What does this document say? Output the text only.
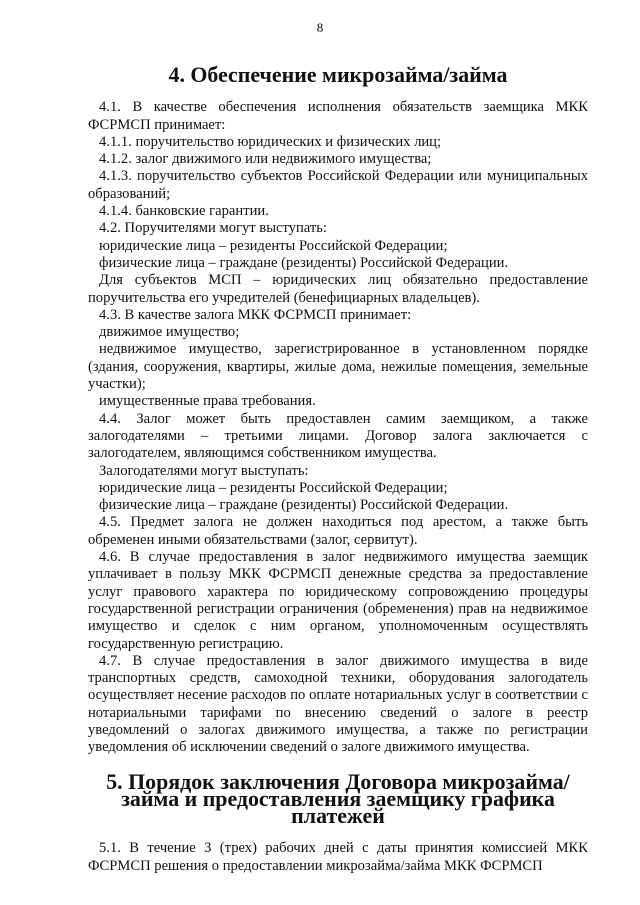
8
4. Обеспечение микрозайма/займа

4.1. В качестве обеспечения исполнения обязательств заемщика МКК ФСРМСП принимает:

4.1.1. поручительство юридических и физических лиц;

4.1.2. залог движимого или недвижимого имущества;

4.1.3. поручительство субъектов Российской Федерации или муниципальных образований;

4.1.4. банковские гарантии.

4.2. Поручителями могут выступать:

юридические лица – резиденты Российской Федерации;

физические лица – граждане (резиденты) Российской Федерации.

Для субъектов МСП – юридических лиц обязательно предоставление поручительства его учредителей (бенефициарных владельцев).

4.3. В качестве залога МКК ФСРМСП принимает:

движимое имущество;

недвижимое имущество, зарегистрированное в установленном порядке (здания, сооружения, квартиры, жилые дома, нежилые помещения, земельные участки);

имущественные права требования.

4.4. Залог может быть предоставлен самим заемщиком, а также залогодателями – третьими лицами. Договор залога заключается с залогодателем, являющимся собственником имущества.

Залогодателями могут выступать:

юридические лица – резиденты Российской Федерации;

физические лица – граждане (резиденты) Российской Федерации.

4.5. Предмет залога не должен находиться под арестом, а также быть обременен иными обязательствами (залог, сервитут).

4.6. В случае предоставления в залог недвижимого имущества заемщик уплачивает в пользу МКК ФСРМСП денежные средства за предоставление услуг правового характера по юридическому сопровождению процедуры государственной регистрации ограничения (обременения) прав на недвижимое имущество и сделок с ним органом, уполномоченным осуществлять государственную регистрацию.

4.7. В случае предоставления в залог движимого имущества в виде транспортных средств, самоходной техники, оборудования залогодатель осуществляет несение расходов по оплате нотариальных услуг в соответствии с нотариальными тарифами по внесению сведений о залоге в реестр уведомлений о залогах движимого имущества, а также по регистрации уведомления об исключении сведений о залоге движимого имущества.

5. Порядок заключения Договора микрозайма/займа и предоставления заемщику графика платежей

5.1. В течение 3 (трех) рабочих дней с даты принятия комиссией МКК ФСРМСП решения о предоставлении микрозайма/займа МКК ФСРМСП
